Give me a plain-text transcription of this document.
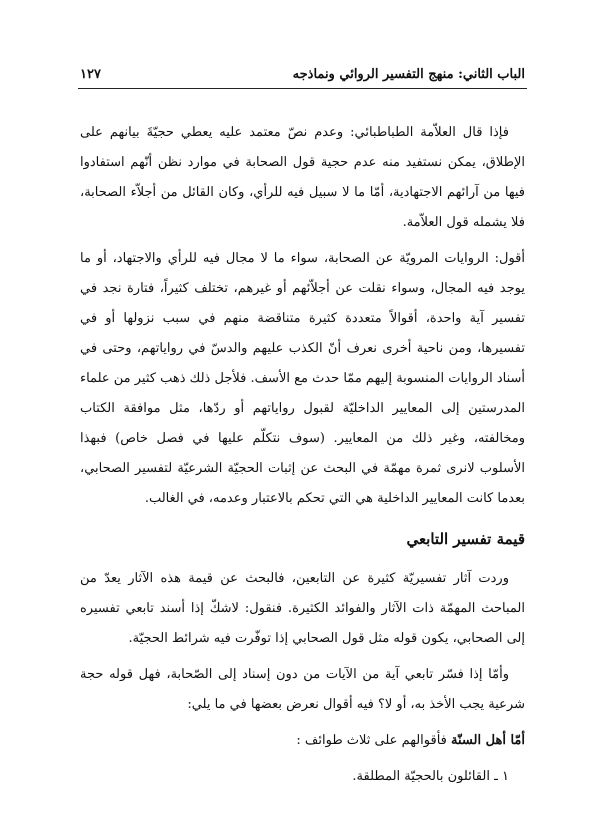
١٢٧	الباب الثاني: منهج التفسير الروائي ونماذجه

فإذا قال العلاّمة الطباطبائي: وعدم نصّ معتمد عليه يعطي حجيّةَ بيانهم على الإطلاق، يمكن نستفيد منه عدم حجية قول الصحابة في موارد نظن أنّهم استفادوا فيها من آرائهم الاجتهادية، أمّا ما لا سبيل فيه للرأي، وكان القائل من أجلاّء الصحابة، فلا يشمله قول العلاّمة.

أقول: الروايات المرويّة عن الصحابة، سواء ما لا مجال فيه للرأي والاجتهاد، أو ما يوجد فيه المجال، وسواء نقلت عن أجلاّئهم أو غيرهم، تختلف كثيراً، فتارة نجد في تفسير آية واحدة، أقوالاً متعددة كثيرة متناقضة منهم في سبب نزولها أو في تفسيرها، ومن ناحية أخرى نعرف أنّ الكذب عليهم والدسّ في رواياتهم، وحتى في أسناد الروايات المنسوبة إليهم ممّا حدث مع الأسف. فلأجل ذلك ذهب كثير من علماء المدرستين إلى المعايير الداخليّة لقبول رواياتهم أو ردّها، مثل موافقة الكتاب ومخالفته، وغير ذلك من المعايير. (سوف نتكلّم عليها في فصل خاص) فبهذا الأسلوب لانرى ثمرة مهمّة في البحث عن إثبات الحجيّة الشرعيّة لتفسير الصحابي، بعدما كانت المعايير الداخلية هي التي تحكم بالاعتبار وعدمه، في الغالب.

قيمة تفسير التابعي

وردت آثار تفسيريّة كثيرة عن التابعين، فالبحث عن قيمة هذه الآثار يعدّ من المباحث المهمّة ذات الآثار والفوائد الكثيرة. فنقول: لاشكّ إذا أسند تابعي تفسيره إلى الصحابي، يكون قوله مثل قول الصحابي إذا توفّرت فيه شرائط الحجيّة.

وأمّا إذا فسّر تابعي آية من الآيات من دون إسناد إلى الصّحابة، فهل قوله حجة شرعية يجب الأخذ به، أو لا؟ فيه أقوال نعرض بعضها في ما يلي:

أمّا أهل السنّة فأقوالهم على ثلاث طوائف :

١ ـ القائلون بالحجيّة المطلقة.
